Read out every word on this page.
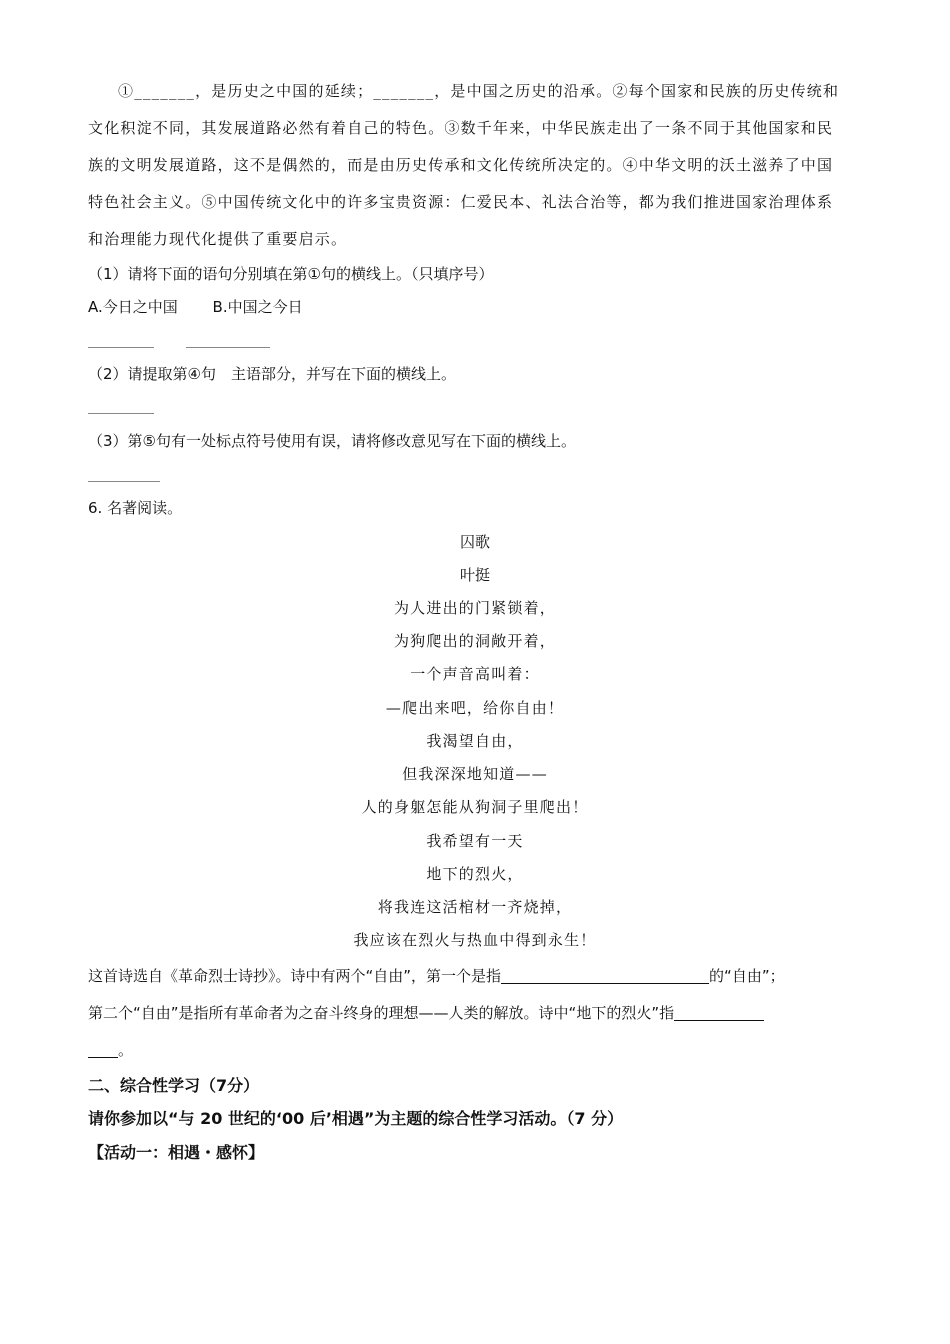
①_______，是历史之中国的延续；_______，是中国之历史的沿承。②每个国家和民族的历史传统和
文化积淀不同，其发展道路必然有着自己的特色。③数千年来，中华民族走出了一条不同于其他国家和民
族的文明发展道路，这不是偶然的，而是由历史传承和文化传统所决定的。④中华文明的沃土滋养了中国
特色社会主义。⑤中国传统文化中的许多宝贵资源：仁爱民本、礼法合治等，都为我们推进国家治理体系
和治理能力现代化提供了重要启示。
（1）请将下面的语句分别填在第①句的横线上。（只填序号）
A.今日之中国　　 B.中国之今日
（2）请提取第④句　主语部分，并写在下面的横线上。
（3）第⑤句有一处标点符号使用有误，请将修改意见写在下面的横线上。
6. 名著阅读。
囚歌
叶挺
为人进出的门紧锁着，
为狗爬出的洞敞开着，
一个声音高叫着：
—爬出来吧，给你自由！
我渴望自由，
但我深深地知道——
人的身躯怎能从狗洞子里爬出！
我希望有一天
地下的烈火，
将我连这活棺材一齐烧掉，
我应该在烈火与热血中得到永生！
这首诗选自《革命烈士诗抄》。诗中有两个“自由”，第一个是指	的“自由”；
第二个“自由”是指所有革命者为之奋斗终身的理想——人类的解放。诗中“地下的烈火”指
。
二、综合性学习（7分）
请你参加以“与 20 世纪的‘00 后’相遇”为主题的综合性学习活动。（7 分）
【活动一：相遇・感怀】
